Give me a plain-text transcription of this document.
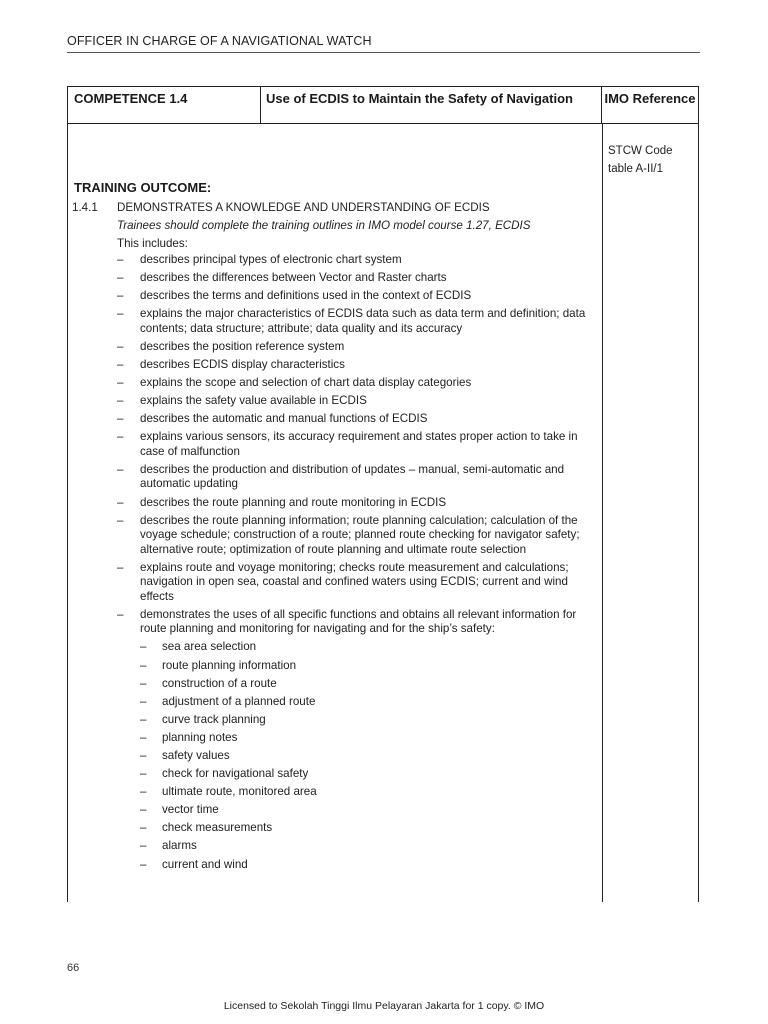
OFFICER IN CHARGE OF A NAVIGATIONAL WATCH
COMPETENCE 1.4	Use of ECDIS to Maintain the Safety of Navigation	IMO Reference
STCW Code
table A-II/1
TRAINING OUTCOME:
1.4.1	DEMONSTRATES A KNOWLEDGE AND UNDERSTANDING OF ECDIS
Trainees should complete the training outlines in IMO model course 1.27, ECDIS
This includes:
–	describes principal types of electronic chart system
–	describes the differences between Vector and Raster charts
–	describes the terms and definitions used in the context of ECDIS
–	explains the major characteristics of ECDIS data such as data term and definition; data contents; data structure; attribute; data quality and its accuracy
–	describes the position reference system
–	describes ECDIS display characteristics
–	explains the scope and selection of chart data display categories
–	explains the safety value available in ECDIS
–	describes the automatic and manual functions of ECDIS
–	explains various sensors, its accuracy requirement and states proper action to take in case of malfunction
–	describes the production and distribution of updates – manual, semi-automatic and automatic updating
–	describes the route planning and route monitoring in ECDIS
–	describes the route planning information; route planning calculation; calculation of the voyage schedule; construction of a route; planned route checking for navigator safety; alternative route; optimization of route planning and ultimate route selection
–	explains route and voyage monitoring; checks route measurement and calculations; navigation in open sea, coastal and confined waters using ECDIS; current and wind effects
–	demonstrates the uses of all specific functions and obtains all relevant information for route planning and monitoring for navigating and for the ship’s safety:
–	sea area selection
–	route planning information
–	construction of a route
–	adjustment of a planned route
–	curve track planning
–	planning notes
–	safety values
–	check for navigational safety
–	ultimate route, monitored area
–	vector time
–	check measurements
–	alarms
–	current and wind
66
Licensed to Sekolah Tinggi Ilmu Pelayaran Jakarta for 1 copy. © IMO
